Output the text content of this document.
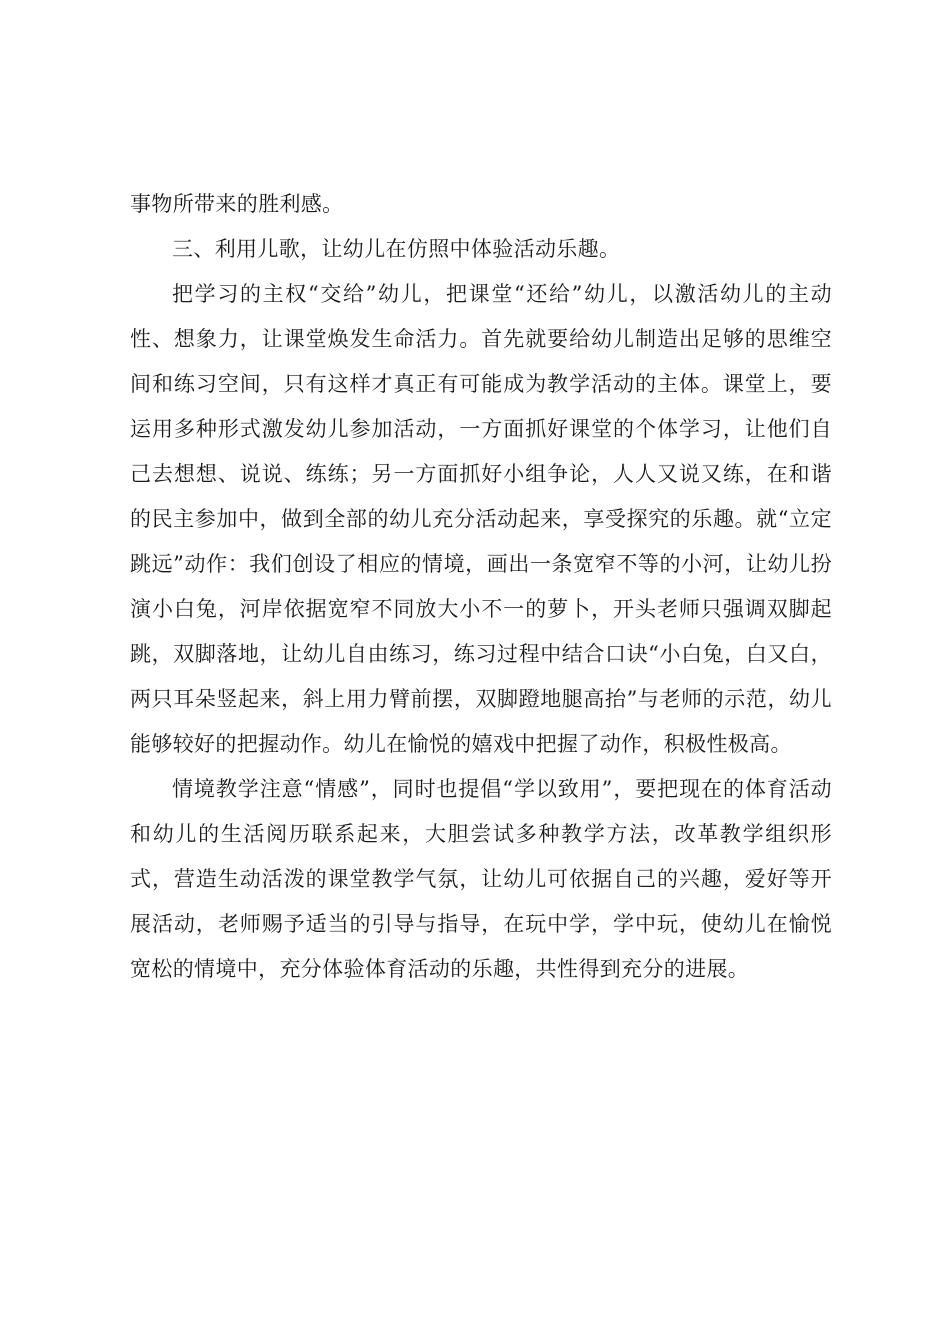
事物所带来的胜利感。

三、利用儿歌，让幼儿在仿照中体验活动乐趣。

把学习的主权“交给”幼儿，把课堂“还给”幼儿，以激活幼儿的主动性、想象力，让课堂焕发生命活力。首先就要给幼儿制造出足够的思维空间和练习空间，只有这样才真正有可能成为教学活动的主体。课堂上，要运用多种形式激发幼儿参加活动，一方面抓好课堂的个体学习，让他们自己去想想、说说、练练；另一方面抓好小组争论，人人又说又练，在和谐的民主参加中，做到全部的幼儿充分活动起来，享受探究的乐趣。就“立定跳远”动作：我们创设了相应的情境，画出一条宽窄不等的小河，让幼儿扮演小白兔，河岸依据宽窄不同放大小不一的萝卜，开头老师只强调双脚起跳，双脚落地，让幼儿自由练习，练习过程中结合口诀“小白兔，白又白，两只耳朵竖起来，斜上用力臂前摆，双脚蹬地腿高抬”与老师的示范，幼儿能够较好的把握动作。幼儿在愉悦的嬉戏中把握了动作，积极性极高。

情境教学注意“情感”，同时也提倡“学以致用”，要把现在的体育活动和幼儿的生活阅历联系起来，大胆尝试多种教学方法，改革教学组织形式，营造生动活泼的课堂教学气氛，让幼儿可依据自己的兴趣，爱好等开展活动，老师赐予适当的引导与指导，在玩中学，学中玩，使幼儿在愉悦宽松的情境中，充分体验体育活动的乐趣，共性得到充分的进展。
